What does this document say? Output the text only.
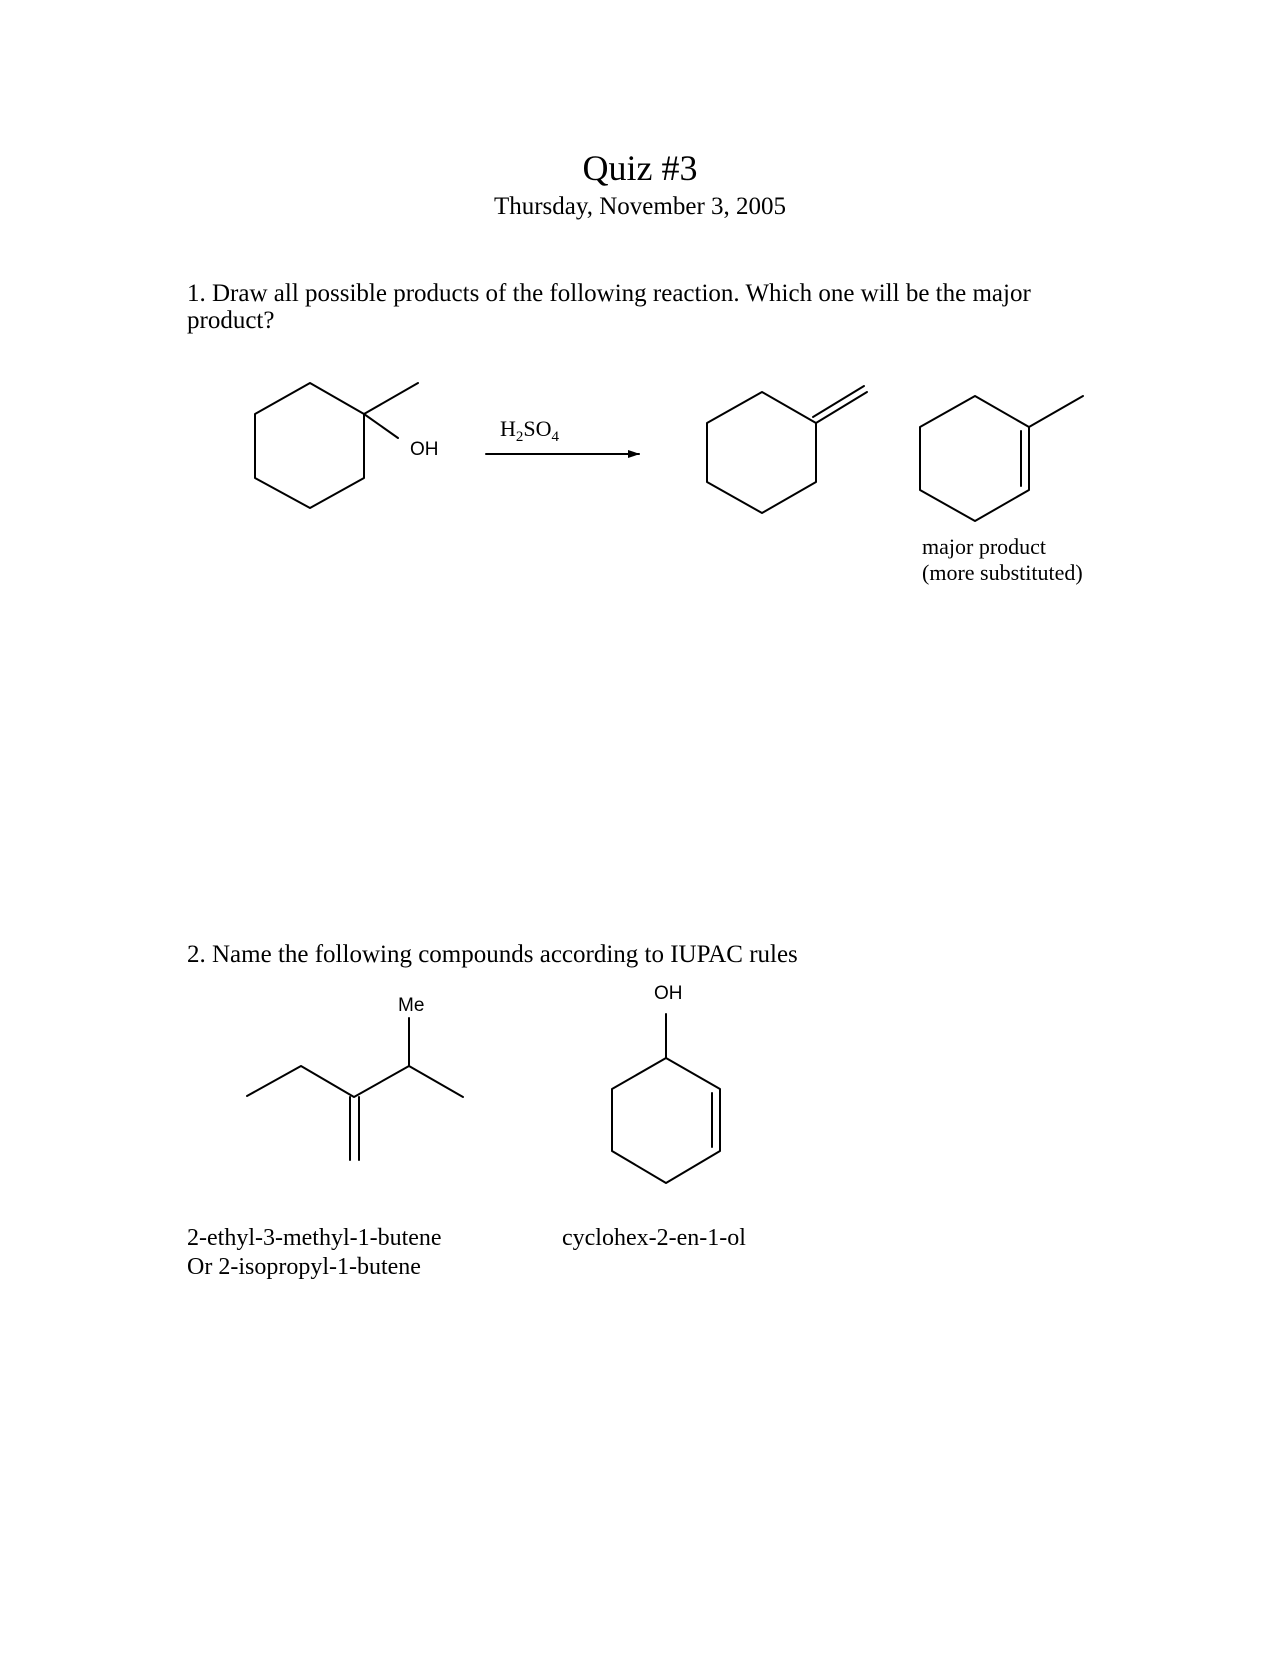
Quiz #3
Thursday, November 3, 2005
1. Draw all possible products of the following reaction. Which one will be the major
product?
OH
Me
OH
$H_2SO_4$
major product
(more substituted)
2. Name the following compounds according to IUPAC rules
2-ethyl-3-methyl-1-butene
Or 2-isopropyl-1-butene
cyclohex-2-en-1-ol
